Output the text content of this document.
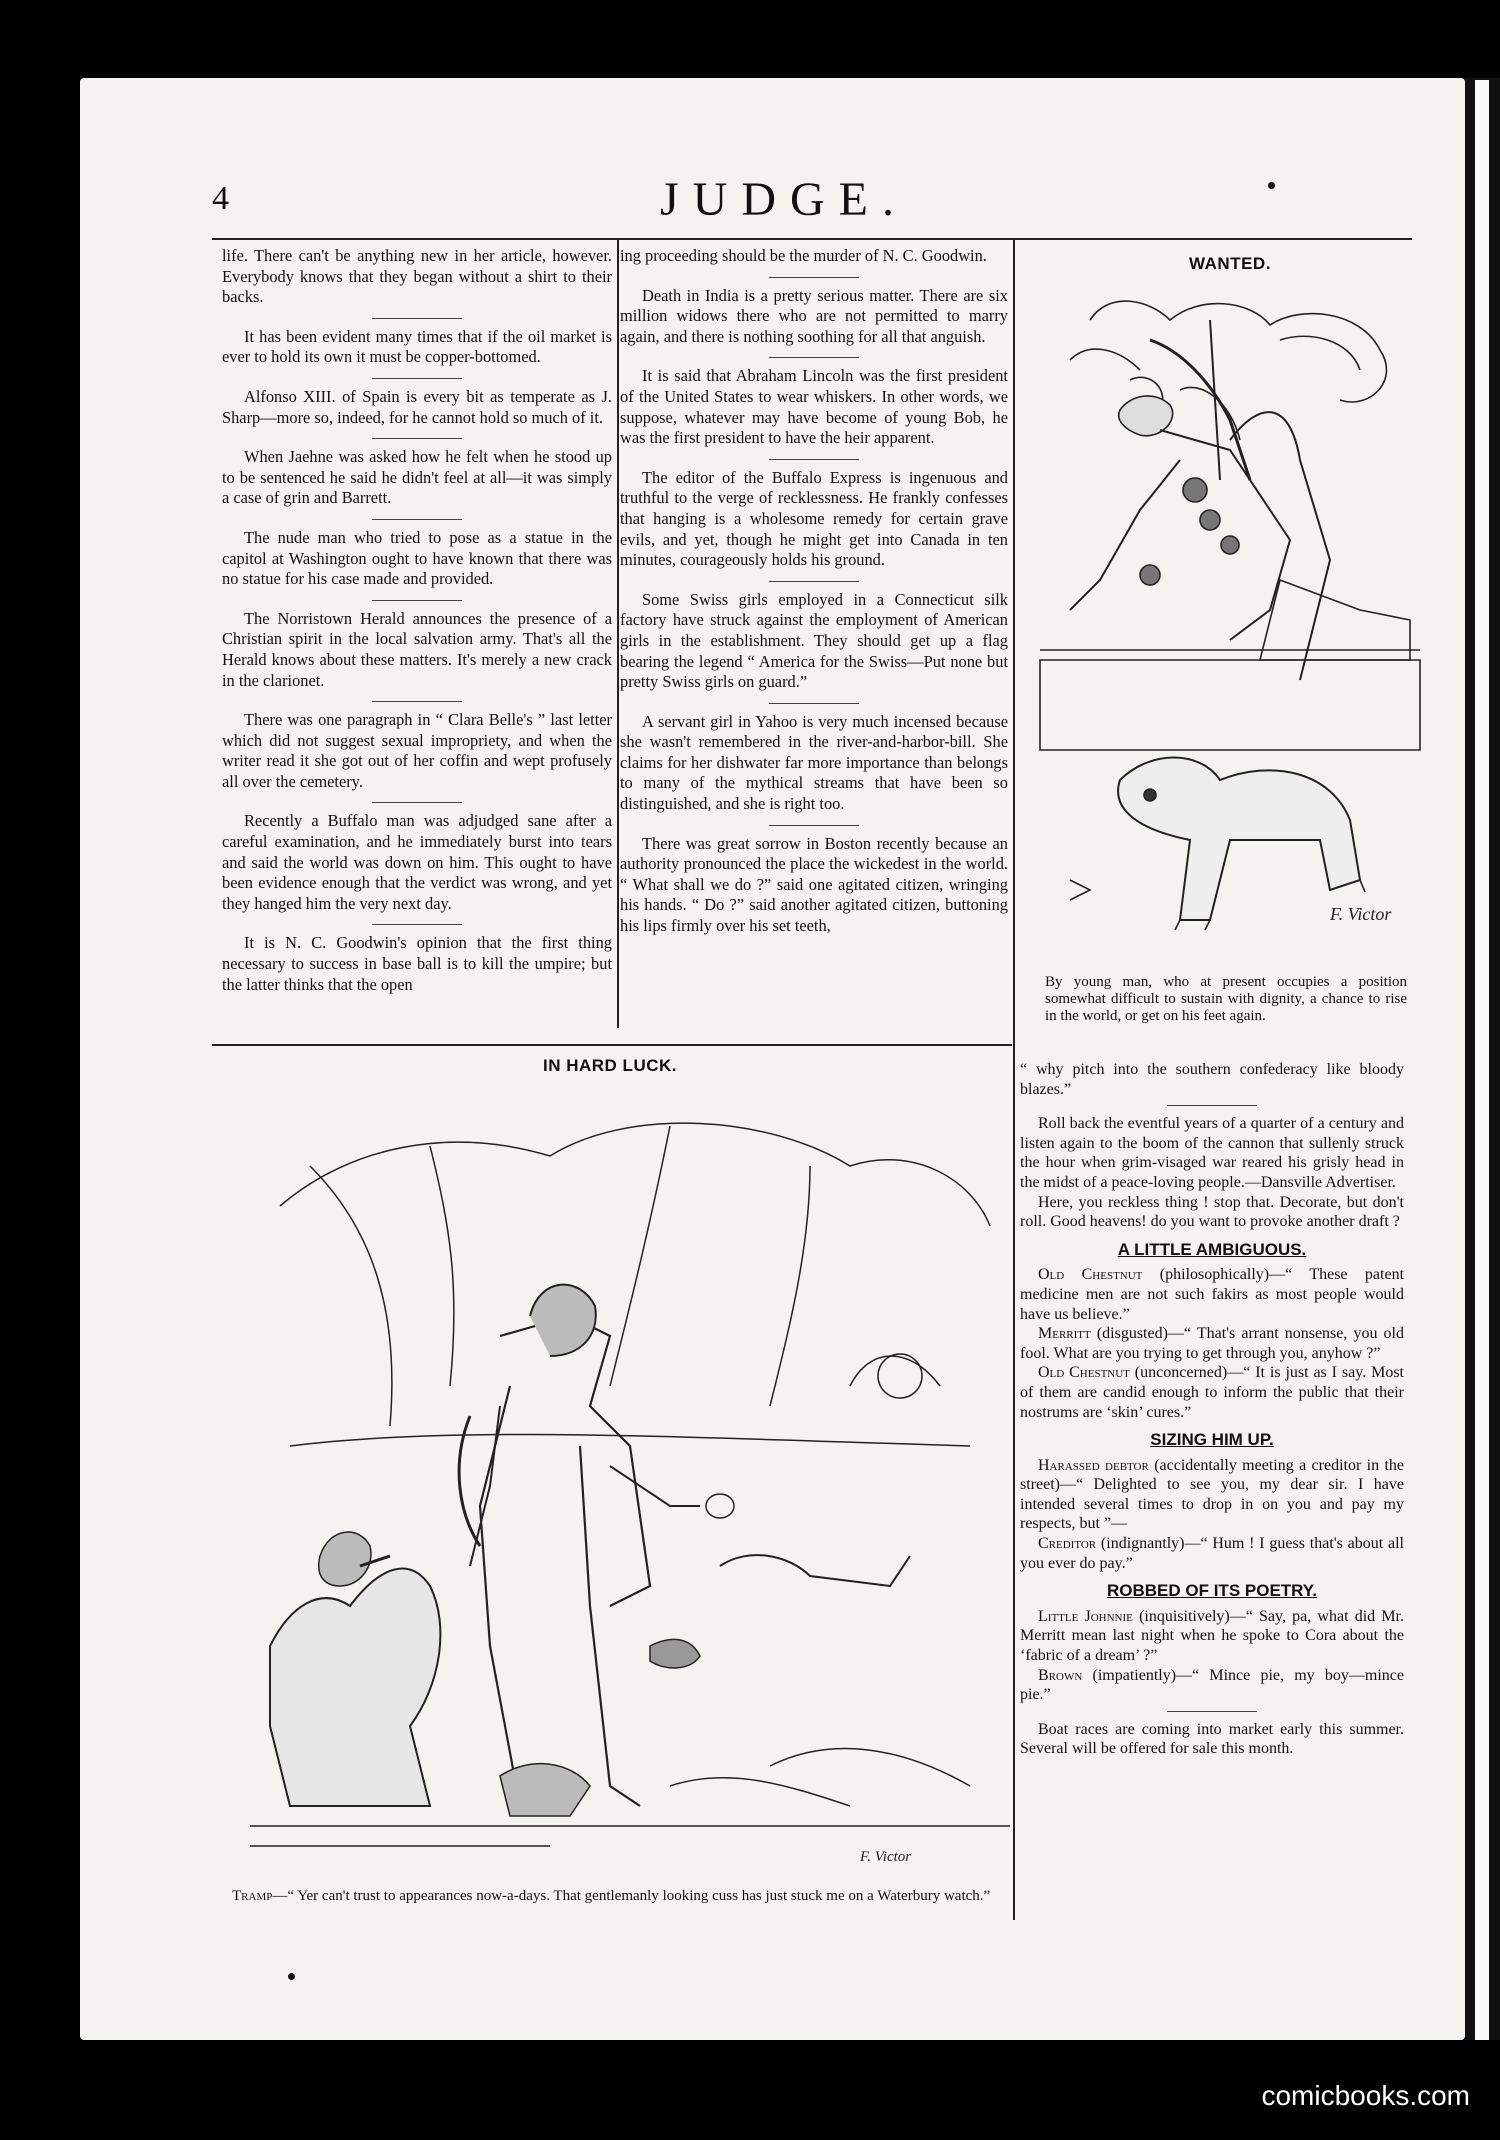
4	JUDGE.

life. There can't be anything new in her article, however. Everybody knows that they began without a shirt to their backs.

It has been evident many times that if the oil market is ever to hold its own it must be copper-bottomed.

Alfonso XIII. of Spain is every bit as temperate as J. Sharp—more so, indeed, for he cannot hold so much of it.

When Jaehne was asked how he felt when he stood up to be sentenced he said he didn't feel at all—it was simply a case of grin and Barrett.

The nude man who tried to pose as a statue in the capitol at Washington ought to have known that there was no statue for his case made and provided.

The Norristown Herald announces the presence of a Christian spirit in the local salvation army. That's all the Herald knows about these matters. It's merely a new crack in the clarionet.

There was one paragraph in “ Clara Belle's ” last letter which did not suggest sexual impropriety, and when the writer read it she got out of her coffin and wept profusely all over the cemetery.

Recently a Buffalo man was adjudged sane after a careful examination, and he immediately burst into tears and said the world was down on him. This ought to have been evidence enough that the verdict was wrong, and yet they hanged him the very next day.

It is N. C. Goodwin's opinion that the first thing necessary to success in base ball is to kill the umpire; but the latter thinks that the open

ing proceeding should be the murder of N. C. Goodwin.

Death in India is a pretty serious matter. There are six million widows there who are not permitted to marry again, and there is nothing soothing for all that anguish.

It is said that Abraham Lincoln was the first president of the United States to wear whiskers. In other words, we suppose, whatever may have become of young Bob, he was the first president to have the heir apparent.

The editor of the Buffalo Express is ingenuous and truthful to the verge of recklessness. He frankly confesses that hanging is a wholesome remedy for certain grave evils, and yet, though he might get into Canada in ten minutes, courageously holds his ground.

Some Swiss girls employed in a Connecticut silk factory have struck against the employment of American girls in the establishment. They should get up a flag bearing the legend “ America for the Swiss—Put none but pretty Swiss girls on guard.”

A servant girl in Yahoo is very much incensed because she wasn't remembered in the river-and-harbor-bill. She claims for her dishwater far more importance than belongs to many of the mythical streams that have been so distinguished, and she is right too.

There was great sorrow in Boston recently because an authority pronounced the place the wickedest in the world. “ What shall we do ?” said one agitated citizen, wringing his hands. “ Do ?” said another agitated citizen, buttoning his lips firmly over his set teeth,

WANTED.
F. Victor
By young man, who at present occupies a position somewhat difficult to sustain with dignity, a chance to rise in the world, or get on his feet again.
IN HARD LUCK.
F. Victor
Tramp—“ Yer can't trust to appearances now-a-days. That gentlemanly looking cuss has just stuck me on a Waterbury watch.”

“ why pitch into the southern confederacy like bloody blazes.”

Roll back the eventful years of a quarter of a century and listen again to the boom of the cannon that sullenly struck the hour when grim-visaged war reared his grisly head in the midst of a peace-loving people.—Dansville Advertiser.

Here, you reckless thing ! stop that. Decorate, but don't roll. Good heavens! do you want to provoke another draft ?

A LITTLE AMBIGUOUS.

Old Chestnut (philosophically)—“ These patent medicine men are not such fakirs as most people would have us believe.”

Merritt (disgusted)—“ That's arrant nonsense, you old fool. What are you trying to get through you, anyhow ?”

Old Chestnut (unconcerned)—“ It is just as I say. Most of them are candid enough to inform the public that their nostrums are ‘skin’ cures.”

SIZING HIM UP.

Harassed debtor (accidentally meeting a creditor in the street)—“ Delighted to see you, my dear sir. I have intended several times to drop in on you and pay my respects, but ”—

Creditor (indignantly)—“ Hum ! I guess that's about all you ever do pay.”

ROBBED OF ITS POETRY.

Little Johnnie (inquisitively)—“ Say, pa, what did Mr. Merritt mean last night when he spoke to Cora about the ‘fabric of a dream’ ?”

Brown (impatiently)—“ Mince pie, my boy—mince pie.”

Boat races are coming into market early this summer. Several will be offered for sale this month.

comicbooks.com
